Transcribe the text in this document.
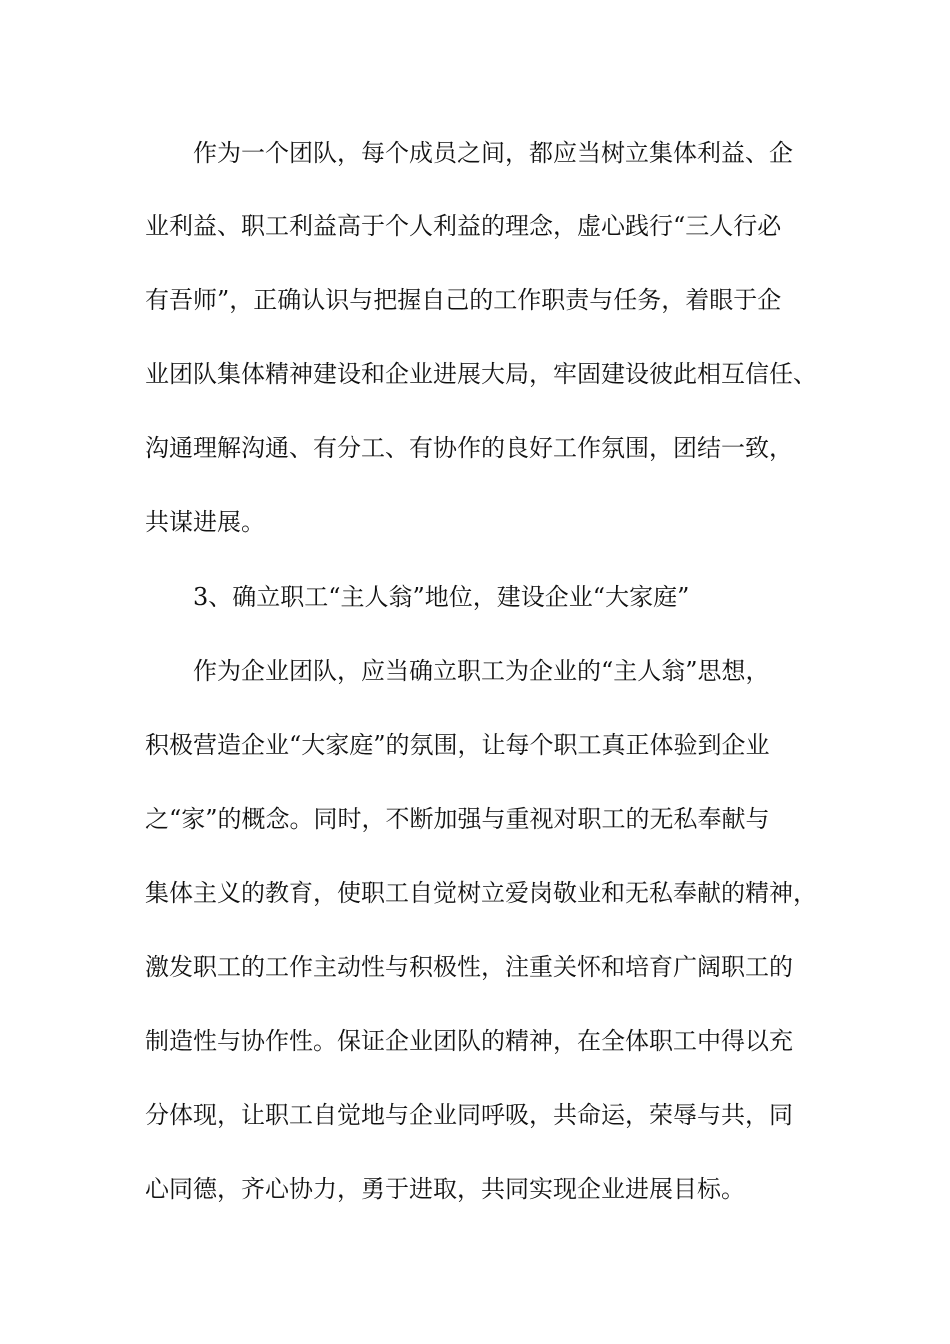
作为一个团队，每个成员之间，都应当树立集体利益、企
业利益、职工利益高于个人利益的理念，虚心践行“三人行必
有吾师”，正确认识与把握自己的工作职责与任务，着眼于企
业团队集体精神建设和企业进展大局，牢固建设彼此相互信任、
沟通理解沟通、有分工、有协作的良好工作氛围，团结一致，
共谋进展。
3、确立职工“主人翁”地位，建设企业“大家庭”
作为企业团队，应当确立职工为企业的“主人翁”思想，
积极营造企业“大家庭”的氛围，让每个职工真正体验到企业
之“家”的概念。同时，不断加强与重视对职工的无私奉献与
集体主义的教育，使职工自觉树立爱岗敬业和无私奉献的精神，
激发职工的工作主动性与积极性，注重关怀和培育广阔职工的
制造性与协作性。保证企业团队的精神，在全体职工中得以充
分体现，让职工自觉地与企业同呼吸，共命运，荣辱与共，同
心同德，齐心协力，勇于进取，共同实现企业进展目标。
